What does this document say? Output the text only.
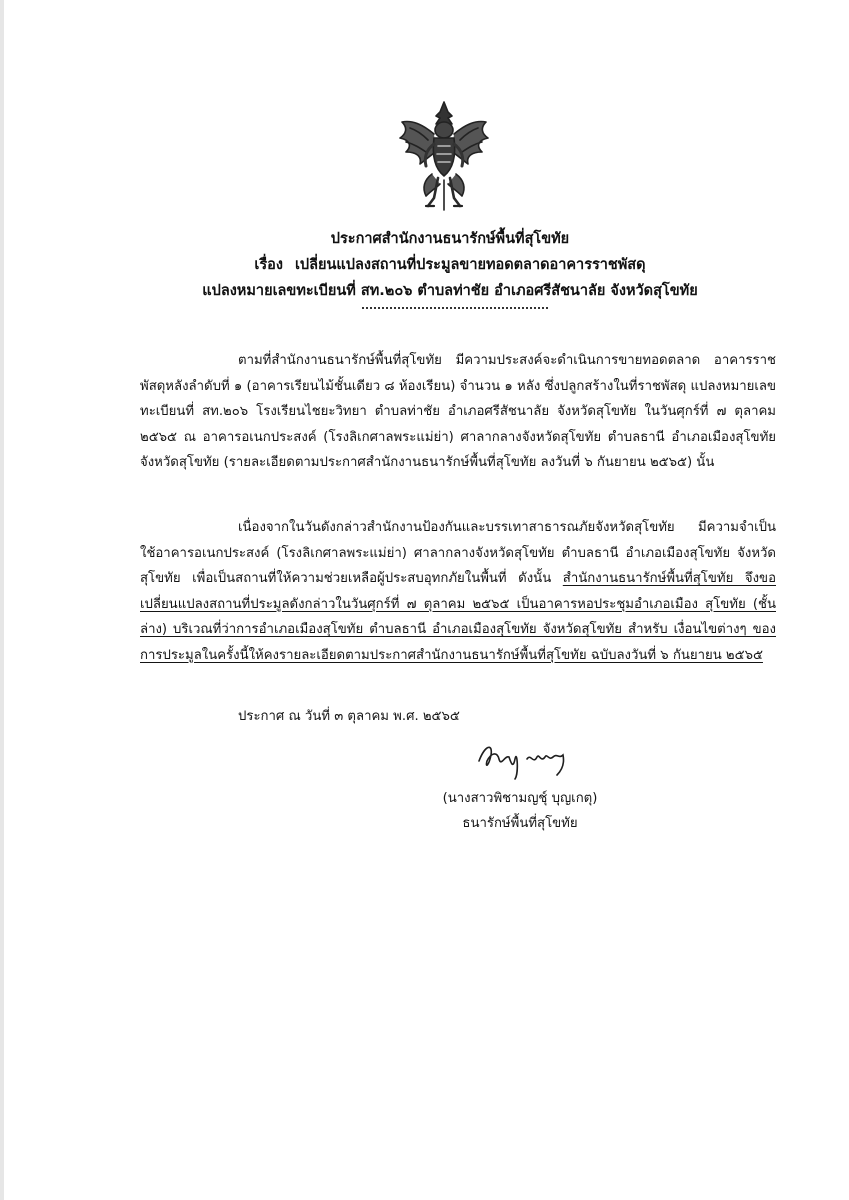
ประกาศสำนักงานธนารักษ์พื้นที่สุโขทัย
เรื่อง เปลี่ยนแปลงสถานที่ประมูลขายทอดตลาดอาคารราชพัสดุ
แปลงหมายเลขทะเบียนที่ สท.๒๐๖ ตำบลท่าชัย อำเภอศรีสัชนาลัย จังหวัดสุโขทัย

ตามที่สำนักงานธนารักษ์พื้นที่สุโขทัย มีความประสงค์จะดำเนินการขายทอดตลาด อาคารราชพัสดุหลังลำดับที่ ๑ (อาคารเรียนไม้ชั้นเดียว ๘ ห้องเรียน) จำนวน ๑ หลัง ซึ่งปลูกสร้างในที่ราชพัสดุ แปลงหมายเลขทะเบียนที่ สท.๒๐๖ โรงเรียนไชยะวิทยา ตำบลท่าชัย อำเภอศรีสัชนาลัย จังหวัดสุโขทัย ในวันศุกร์ที่ ๗ ตุลาคม ๒๕๖๕ ณ อาคารอเนกประสงค์ (โรงลิเกศาลพระแม่ย่า) ศาลากลางจังหวัดสุโขทัย ตำบลธานี อำเภอเมืองสุโขทัย จังหวัดสุโขทัย (รายละเอียดตามประกาศสำนักงานธนารักษ์พื้นที่สุโขทัย ลงวันที่ ๖ กันยายน ๒๕๖๕) นั้น

เนื่องจากในวันดังกล่าวสำนักงานป้องกันและบรรเทาสาธารณภัยจังหวัดสุโขทัย มีความจำเป็น ใช้อาคารอเนกประสงค์ (โรงลิเกศาลพระแม่ย่า) ศาลากลางจังหวัดสุโขทัย ตำบลธานี อำเภอเมืองสุโขทัย จังหวัดสุโขทัย เพื่อเป็นสถานที่ให้ความช่วยเหลือผู้ประสบอุทกภัยในพื้นที่ ดังนั้น สำนักงานธนารักษ์พื้นที่สุโขทัย จึงขอเปลี่ยนแปลงสถานที่ประมูลดังกล่าวในวันศุกร์ที่ ๗ ตุลาคม ๒๕๖๕ เป็นอาคารหอประชุมอำเภอเมือง สุโขทัย (ชั้นล่าง) บริเวณที่ว่าการอำเภอเมืองสุโขทัย ตำบลธานี อำเภอเมืองสุโขทัย จังหวัดสุโขทัย สำหรับ เงื่อนไขต่างๆ ของการประมูลในครั้งนี้ให้คงรายละเอียดตามประกาศสำนักงานธนารักษ์พื้นที่สุโขทัย ฉบับลงวันที่ ๖ กันยายน ๒๕๖๕

ประกาศ ณ วันที่ ๓ ตุลาคม พ.ศ. ๒๕๖๕
(นางสาวพิชามญชุ์ บุญเกตุ)
ธนารักษ์พื้นที่สุโขทัย
